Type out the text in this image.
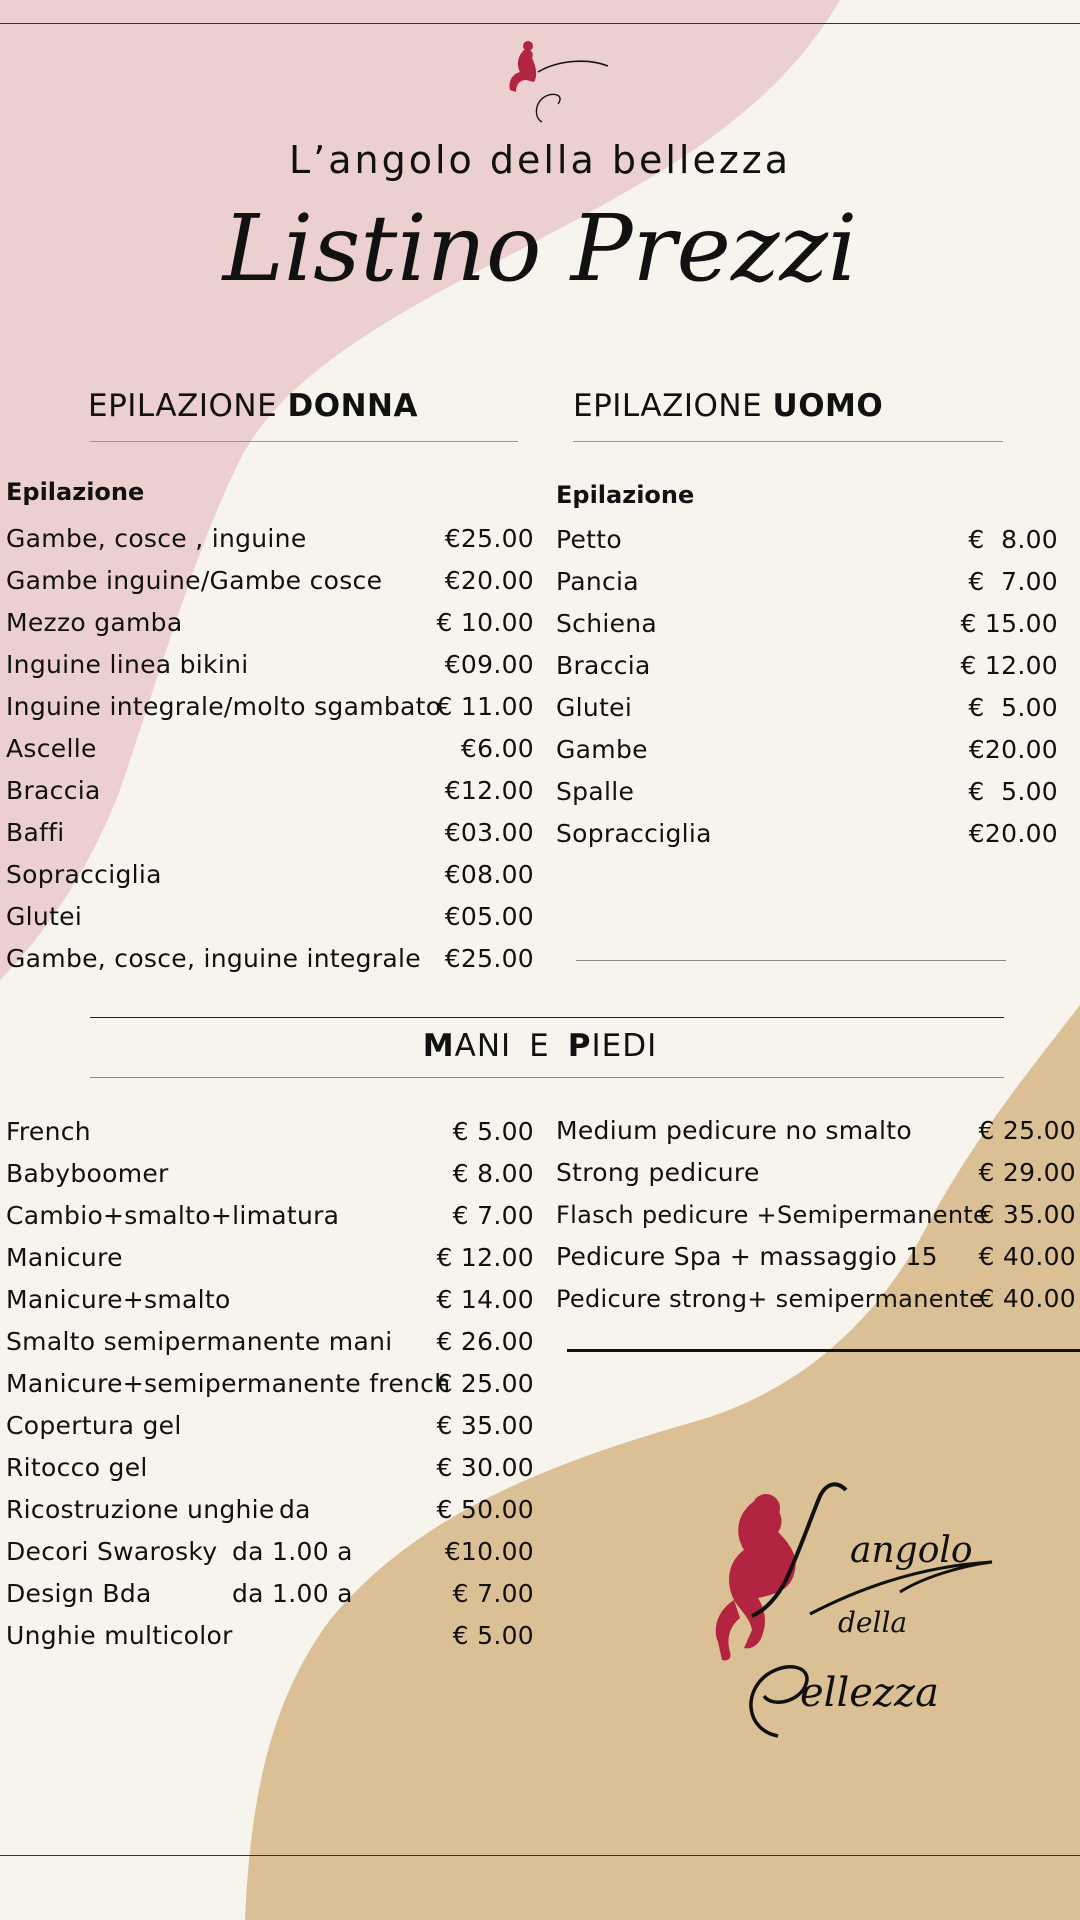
L’angolo della bellezza
Listino Prezzi
EPILAZIONE DONNA	EPILAZIONE UOMO
Epilazione
Gambe, cosce , inguine	€25.00
Gambe inguine/Gambe cosce €20.00
Mezzo gamba	€ 10.00
Inguine linea bikini	€09.00
Inguine integrale/molto sgambato
€ 11.00
Ascelle	€6.00
Braccia	€12.00
Baffi	€03.00
Sopracciglia	€08.00
Glutei	€05.00
Gambe, cosce, inguine integrale €25.00
Epilazione
Petto	€  8.00
Pancia	€  7.00
Schiena	€ 15.00
Braccia	€ 12.00
Glutei	€  5.00
Gambe	€20.00
Spalle	€  5.00
Sopracciglia	€20.00
MANI E PIEDI
French	€ 5.00
Babyboomer	€ 8.00
Cambio+smalto+limatura	€ 7.00
Manicure	€ 12.00
Manicure+smalto	€ 14.00
Smalto semipermanente mani € 26.00
Manicure+semipermanente french
€ 25.00
Copertura gel	€ 35.00
Ritocco gel	€ 30.00
Ricostruzione unghie da	€ 50.00
Decori Swarosky da 1.00 a	€10.00
Design Bda	da 1.00 a	€ 7.00
Unghie multicolor	€ 5.00
Medium pedicure no smalto	€ 25.00
Strong pedicure	€ 29.00
Flasch pedicure +Semipermanente
€ 35.00
Pedicure Spa + massaggio 15 € 40.00
Pedicure strong+ semipermanente
€ 40.00
angolo
della
ellezza
